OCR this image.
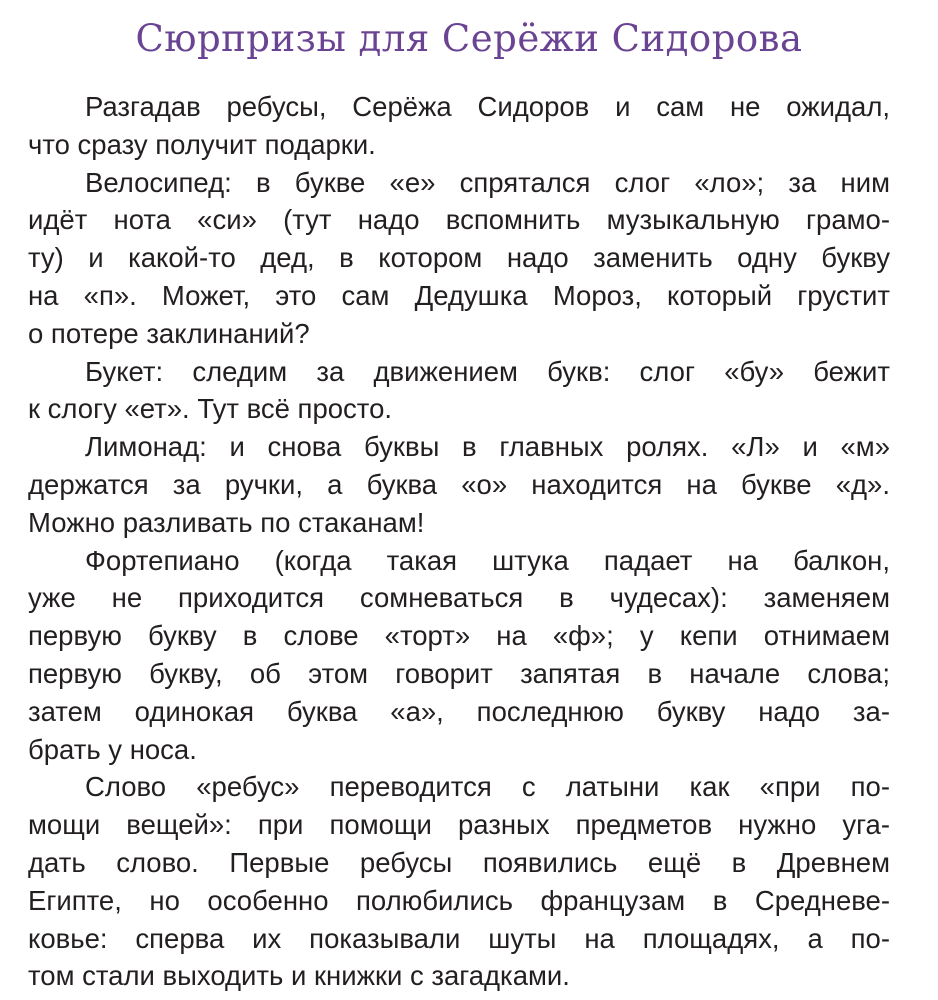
Сюрпризы для Серёжи Сидорова
Разгадав ребусы, Серёжа Сидоров и сам не ожидал,
что сразу получит подарки.
Велосипед: в букве «е» спрятался слог «ло»; за ним
идёт нота «си» (тут надо вспомнить музыкальную грамо-
ту) и какой-то дед, в котором надо заменить одну букву
на «п». Может, это сам Дедушка Мороз, который грустит
о потере заклинаний?
Букет: следим за движением букв: слог «бу» бежит
к слогу «ет». Тут всё просто.
Лимонад: и снова буквы в главных ролях. «Л» и «м»
держатся за ручки, а буква «о» находится на букве «д».
Можно разливать по стаканам!
Фортепиано (когда такая штука падает на балкон,
уже не приходится сомневаться в чудесах): заменяем
первую букву в слове «торт» на «ф»; у кепи отнимаем
первую букву, об этом говорит запятая в начале слова;
затем одинокая буква «а», последнюю букву надо за-
брать у носа.
Слово «ребус» переводится с латыни как «при по-
мощи вещей»: при помощи разных предметов нужно уга-
дать слово. Первые ребусы появились ещё в Древнем
Египте, но особенно полюбились французам в Средневе-
ковье: сперва их показывали шуты на площадях, а по-
том стали выходить и книжки с загадками.
